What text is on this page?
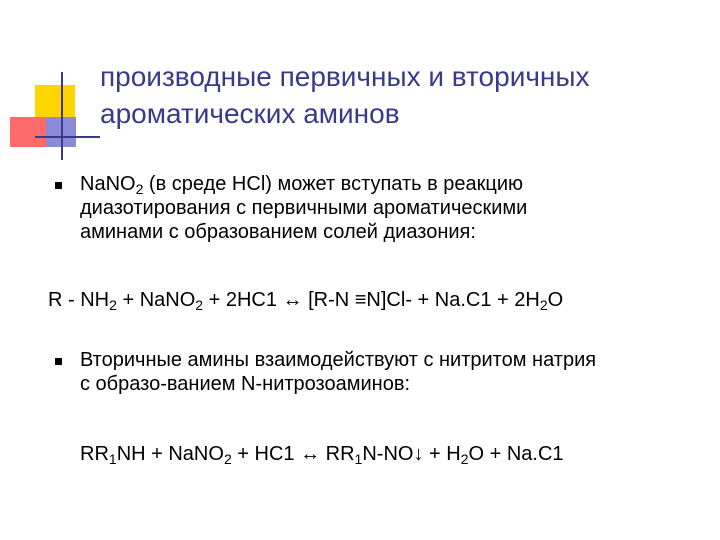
производные первичных и вторичных
ароматических аминов
NaNO$_2$ (в среде HCl) может вступать в реакцию
диазотирования с первичными ароматическими
аминами с образованием солей диазония:
R - $NH_2$ + NaNO$_2$ + 2HC1 ↔ $[R-N \equiv N]Cl- + Na.C1 + 2H_2O$
Вторичные амины взаимодействуют с нитритом натрия
с образо-ванием N-нитрозоаминов:
$RR_1NH$ + NaNO$_2$ + HC1 ↔ $RR_1N-NO↓ + H_2O + Na.C1$
